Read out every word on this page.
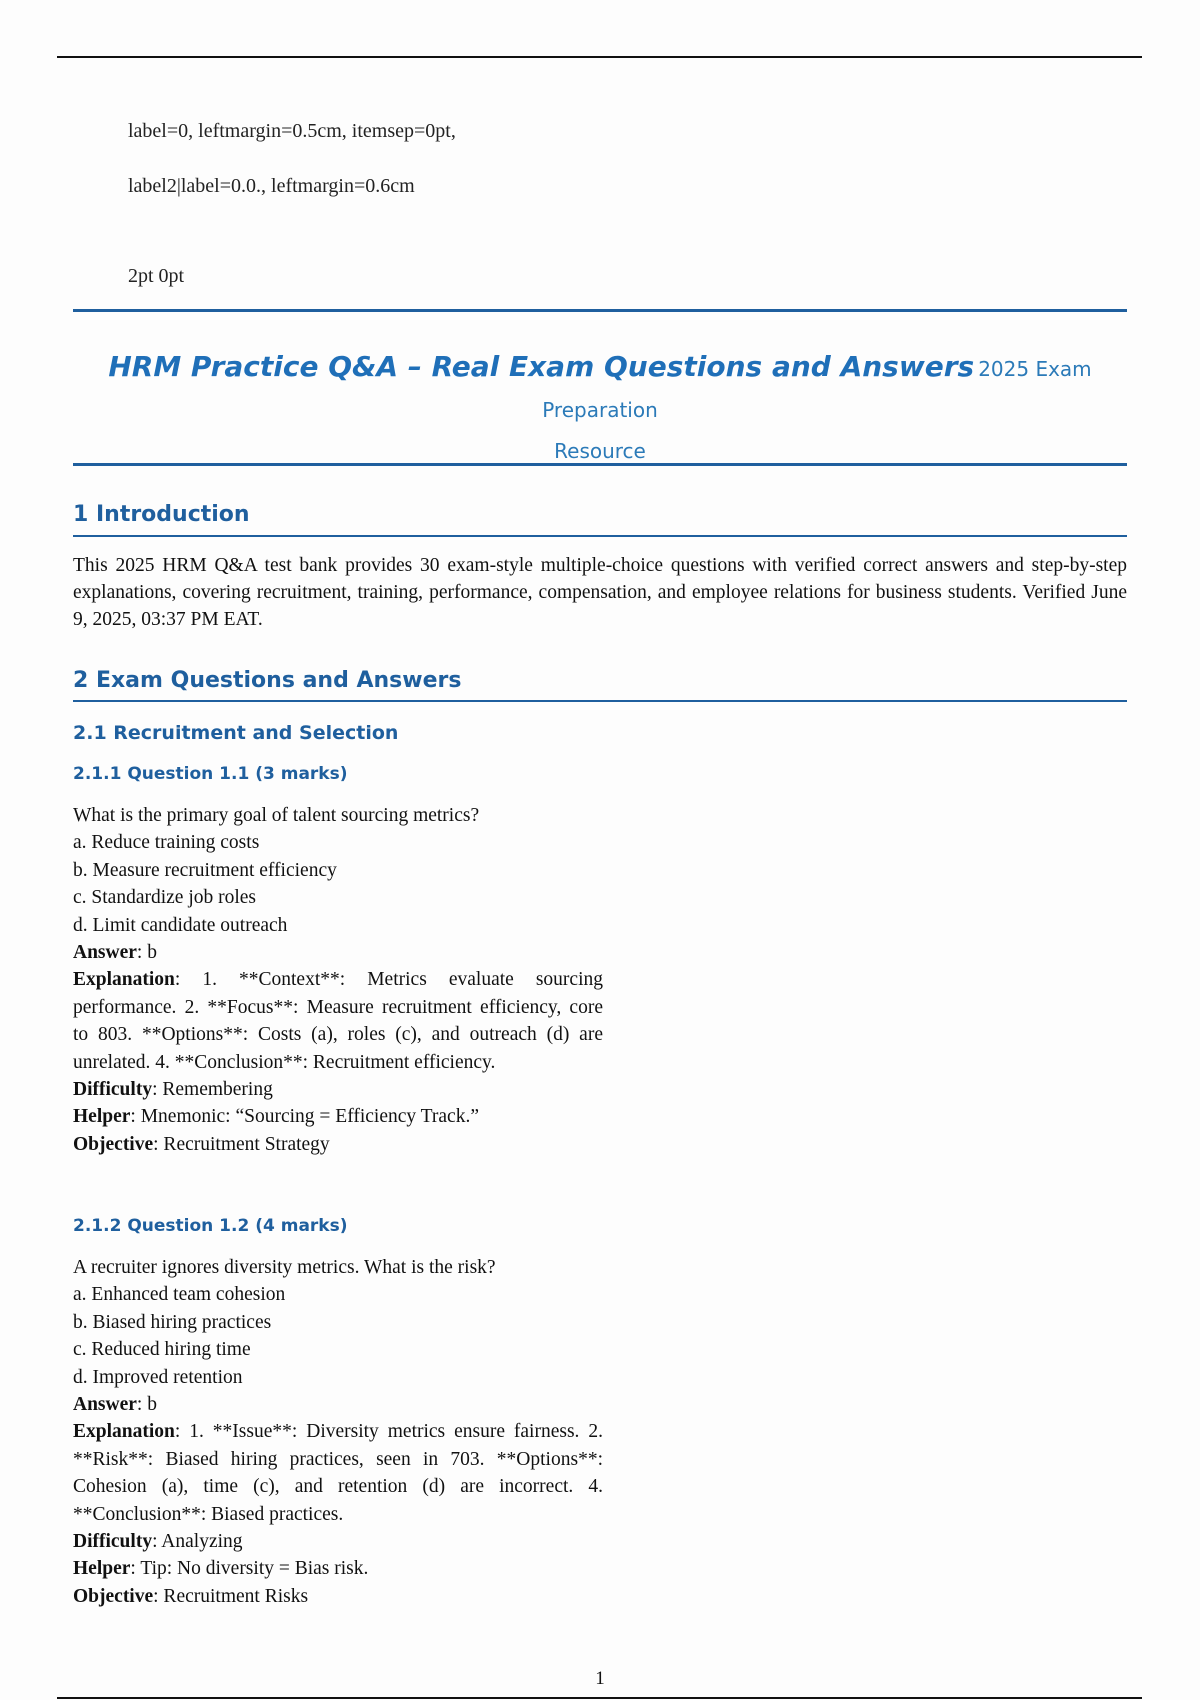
label=0, leftmargin=0.5cm, itemsep=0pt,
label2|label=0.0., leftmargin=0.6cm
2pt 0pt
HRM Practice Q&A – Real Exam Questions and Answers 2025 Exam Preparation
Resource
1 Introduction

This 2025 HRM Q&A test bank provides 30 exam-style multiple-choice questions with verified correct answers and step-by-step explanations, covering recruitment, training, performance, compensation, and employee relations for business students. Verified June 9, 2025, 03:37 PM EAT.

2 Exam Questions and Answers
2.1 Recruitment and Selection
2.1.1 Question 1.1 (3 marks)
What is the primary goal of talent sourcing metrics?
a. Reduce training costs
b. Measure recruitment efficiency
c. Standardize job roles
d. Limit candidate outreach
Answer: b
Explanation: 1. **Context**: Metrics evaluate sourcing performance. 2. **Focus**: Measure recruitment efficiency, core to 803. **Options**: Costs (a), roles (c), and outreach (d) are unrelated. 4. **Conclusion**: Recruitment efficiency.
Difficulty: Remembering
Helper: Mnemonic: “Sourcing = Efficiency Track.”
Objective: Recruitment Strategy
2.1.2 Question 1.2 (4 marks)
A recruiter ignores diversity metrics. What is the risk?
a. Enhanced team cohesion
b. Biased hiring practices
c. Reduced hiring time
d. Improved retention
Answer: b
Explanation: 1. **Issue**: Diversity metrics ensure fairness. 2. **Risk**: Biased hiring practices, seen in 703. **Options**: Cohesion (a), time (c), and retention (d) are incorrect. 4. **Conclusion**: Biased practices.
Difficulty: Analyzing
Helper: Tip: No diversity = Bias risk.
Objective: Recruitment Risks
1
